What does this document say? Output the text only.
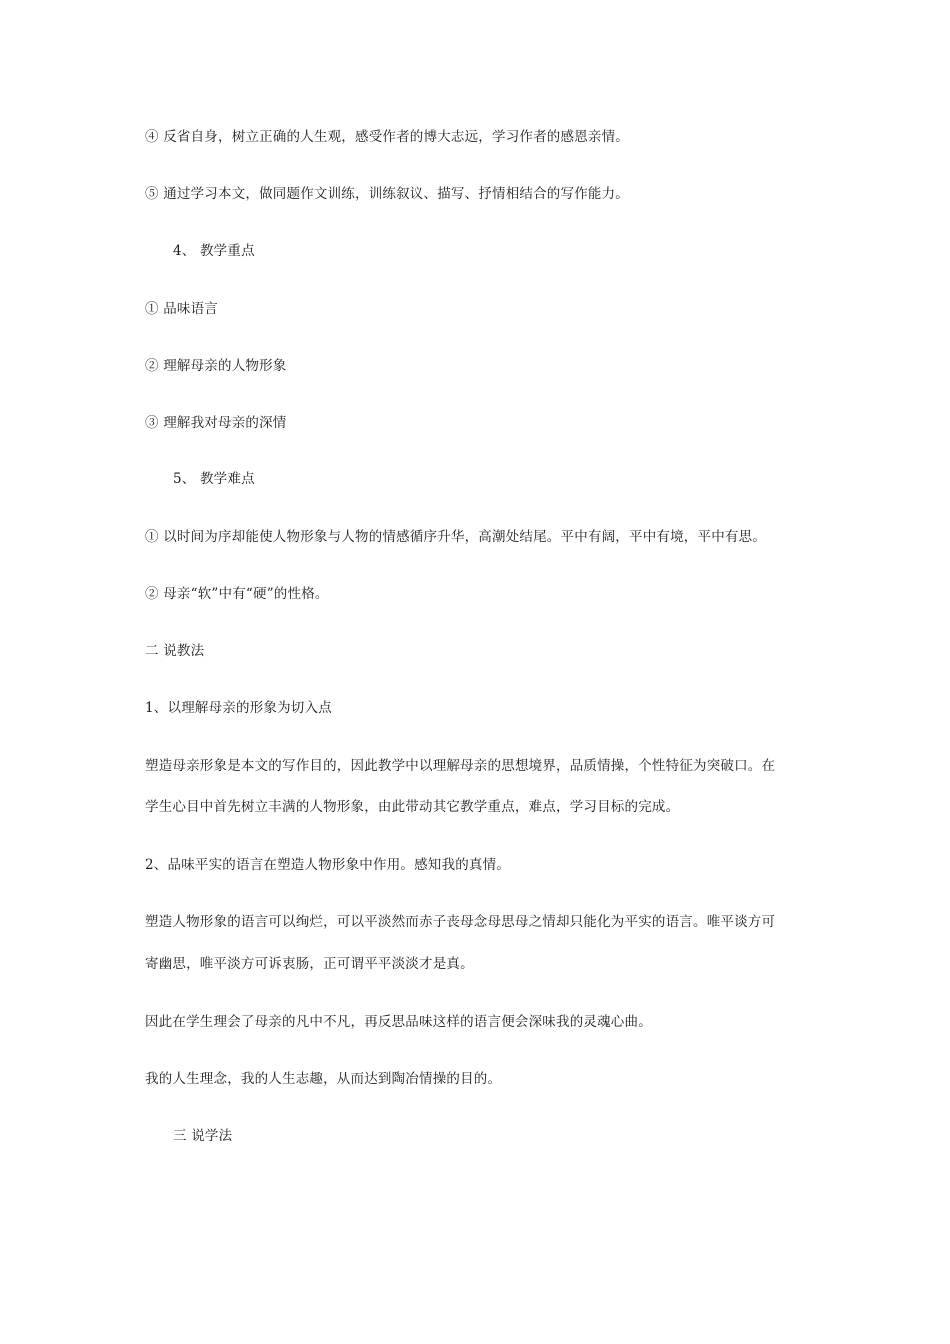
④ 反省自身，树立正确的人生观，感受作者的博大志远，学习作者的感恩亲情。
⑤ 通过学习本文，做同题作文训练，训练叙议、描写、抒情相结合的写作能力。
4、 教学重点
① 品味语言
② 理解母亲的人物形象
③ 理解我对母亲的深情
5、 教学难点
① 以时间为序却能使人物形象与人物的情感循序升华，高潮处结尾。平中有阔，平中有境，平中有思。
② 母亲“软”中有“硬”的性格。
二 说教法
1、以理解母亲的形象为切入点
塑造母亲形象是本文的写作目的，因此教学中以理解母亲的思想境界，品质情操，个性特征为突破口。在
学生心目中首先树立丰满的人物形象，由此带动其它教学重点，难点，学习目标的完成。
2、品味平实的语言在塑造人物形象中作用。感知我的真情。
塑造人物形象的语言可以绚烂，可以平淡然而赤子丧母念母思母之情却只能化为平实的语言。唯平谈方可
寄幽思，唯平淡方可诉衷肠，正可谓平平淡淡才是真。
因此在学生理会了母亲的凡中不凡，再反思品味这样的语言便会深味我的灵魂心曲。
我的人生理念，我的人生志趣，从而达到陶冶情操的目的。
三 说学法
